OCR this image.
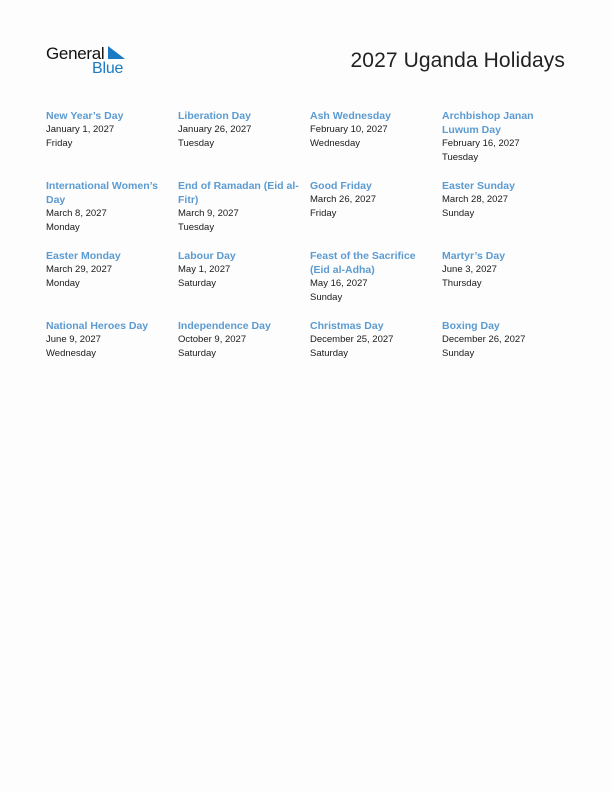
General
Blue	2027 Uganda Holidays
New Year’s Day
January 1, 2027
Friday
Liberation Day
January 26, 2027
Tuesday
Ash Wednesday
February 10, 2027
Wednesday
Archbishop Janan Luwum Day
February 16, 2027
Tuesday
International Women’s Day
March 8, 2027
Monday
End of Ramadan (Eid al-Fitr)
March 9, 2027
Tuesday
Good Friday
March 26, 2027
Friday
Easter Sunday
March 28, 2027
Sunday
Easter Monday
March 29, 2027
Monday
Labour Day
May 1, 2027
Saturday
Feast of the Sacrifice (Eid al-Adha)
May 16, 2027
Sunday
Martyr’s Day
June 3, 2027
Thursday
National Heroes Day
June 9, 2027
Wednesday
Independence Day
October 9, 2027
Saturday
Christmas Day
December 25, 2027
Saturday
Boxing Day
December 26, 2027
Sunday
